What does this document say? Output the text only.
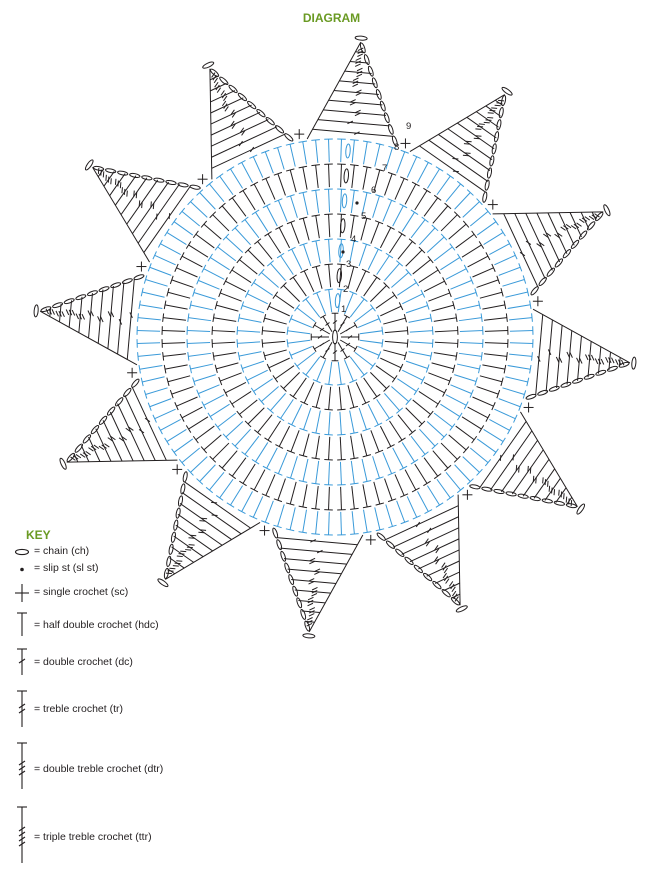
DIAGRAM
1
2
3
4
5
6
7
8
9
KEY
= chain (ch)
= slip st (sl st)
= single crochet (sc)
= half double crochet (hdc)
= double crochet (dc)
= treble crochet (tr)
= double treble crochet (dtr)
= triple treble crochet (ttr)
